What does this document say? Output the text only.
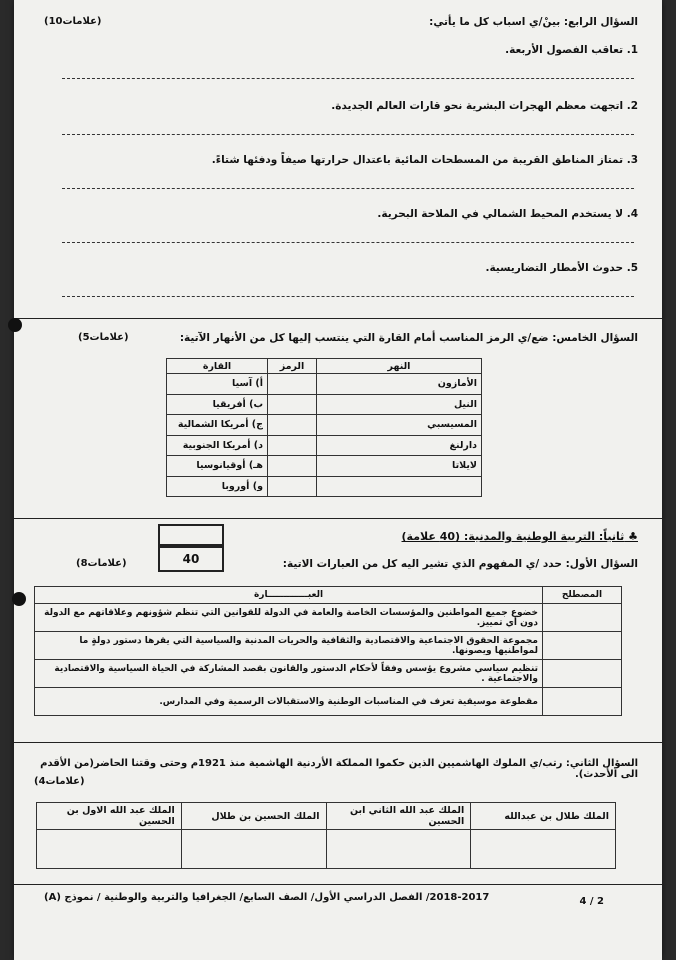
(10علامات)	السؤال الرابع: بينْ/ي اسباب كل ما يأتي:
1. تعاقب الفصول الأربعة.
2. اتجهت معظم الهجرات البشرية نحو قارات العالم الجديدة.
3. تمتاز المناطق القريبة من المسطحات المائية باعتدال حرارتها صيفاً ودفئها شتاءً.
4. لا يستخدم المحيط الشمالي في الملاحة البحرية.
5. حدوث الأمطار التضاريسية.
(5علامات)	السؤال الخامس: ضع/ي الرمز المناسب أمام القارة التي ينتسب إليها كل من الأنهار الآتية:
النهر	الرمز	القارة
الأمازون		أ) آسيا
النيل		ب) أفريقيا
المسيسبي		ج) أمريكا الشمالية
دارلنغ		د) أمريكا الجنوبية
لايلاتا		هـ) أوقيانوسيا
		و) أوروبا
40
♣ ثانياً: التربية الوطنية والمدنية: (40 علامة)
(8علامات)	السؤال الأول: حدد /ي المفهوم الذي تشير اليه كل من العبارات الاتية:
المصطلح	العبـــــــــــــارة
	خضوع جميع المواطنين والمؤسسات الخاصة والعامة في الدولة للقوانين التي تنظم شؤونهم وعلاقاتهم مع الدولة دون أي تمييز.
	مجموعة الحقوق الاجتماعية والاقتصادية والثقافية والحريات المدنية والسياسية التي يقرها دستور دولةٍ ما لمواطنيها ويصونها.
	تنظيم سياسي مشروع يؤسس وفقاً لأحكام الدستور والقانون بقصد المشاركة في الحياة السياسية والاقتصادية والاجتماعية .
	مقطوعة موسيقية تعزف في المناسبات الوطنية والاستقبالات الرسمية وفي المدارس.
السؤال الثاني: رتب/ي الملوك الهاشميين الذين حكموا المملكة الأردنية الهاشمية منذ 1921م وحتى وقتنا الحاضر(من الأقدم الى الأحدث).
(4علامات)
الملك طلال بن عبدالله	الملك عبد الله الثاني ابن الحسين	الملك الحسين بن طلال	الملك عبد الله الاول بن الحسين

2018-2017/ الفصل الدراسي الأول/ الصف السابع/ الجغرافيا والتربية والوطنية / نموذج (A)	4 / 2
